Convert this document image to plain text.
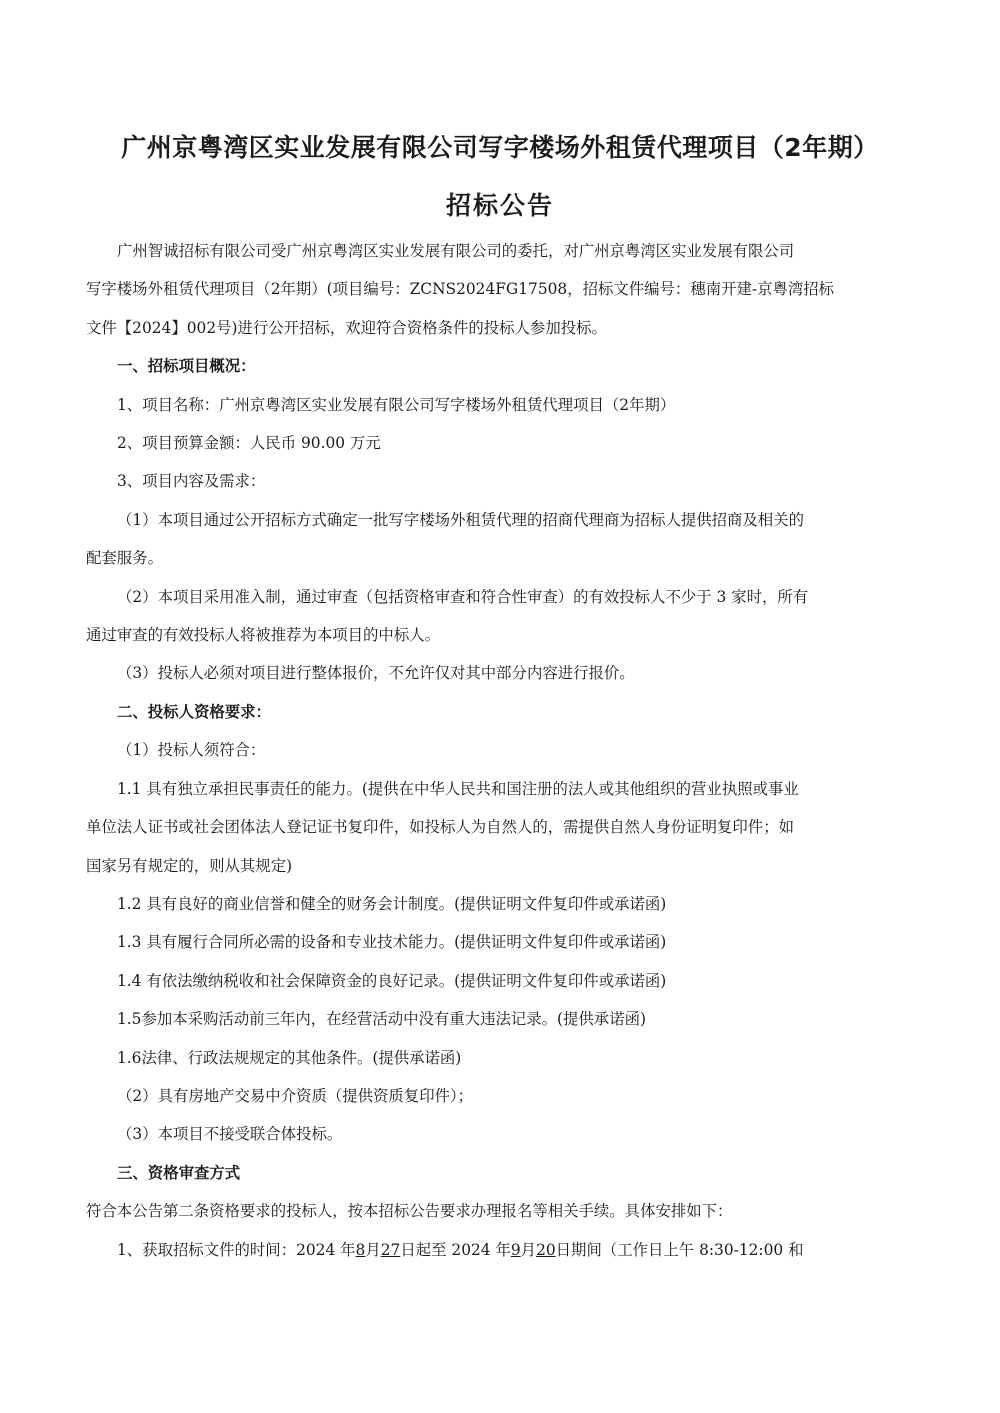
广州京粤湾区实业发展有限公司写字楼场外租赁代理项目（2年期）
招标公告

广州智诚招标有限公司受广州京粤湾区实业发展有限公司的委托，对广州京粤湾区实业发展有限公司

写字楼场外租赁代理项目（2年期）(项目编号：ZCNS2024FG17508，招标文件编号：穗南开建-京粤湾招标

文件【2024】002号)进行公开招标，欢迎符合资格条件的投标人参加投标。

一、招标项目概况：

1、项目名称：广州京粤湾区实业发展有限公司写字楼场外租赁代理项目（2年期）

2、项目预算金额：人民币 90.00 万元

3、项目内容及需求：

（1）本项目通过公开招标方式确定一批写字楼场外租赁代理的招商代理商为招标人提供招商及相关的

配套服务。

（2）本项目采用准入制，通过审查（包括资格审查和符合性审查）的有效投标人不少于 3 家时，所有

通过审查的有效投标人将被推荐为本项目的中标人。

（3）投标人必须对项目进行整体报价，不允许仅对其中部分内容进行报价。

二、投标人资格要求：

（1）投标人须符合：

1.1 具有独立承担民事责任的能力。(提供在中华人民共和国注册的法人或其他组织的营业执照或事业

单位法人证书或社会团体法人登记证书复印件，如投标人为自然人的，需提供自然人身份证明复印件；如

国家另有规定的，则从其规定)

1.2 具有良好的商业信誉和健全的财务会计制度。(提供证明文件复印件或承诺函)

1.3 具有履行合同所必需的设备和专业技术能力。(提供证明文件复印件或承诺函)

1.4 有依法缴纳税收和社会保障资金的良好记录。(提供证明文件复印件或承诺函)

1.5参加本采购活动前三年内，在经营活动中没有重大违法记录。(提供承诺函)

1.6法律、行政法规规定的其他条件。(提供承诺函)

（2）具有房地产交易中介资质（提供资质复印件）；

（3）本项目不接受联合体投标。

三、资格审查方式

符合本公告第二条资格要求的投标人，按本招标公告要求办理报名等相关手续。具体安排如下：

1、获取招标文件的时间：2024 年8月27日起至 2024 年9月20日期间（工作日上午 8:30-12:00 和
